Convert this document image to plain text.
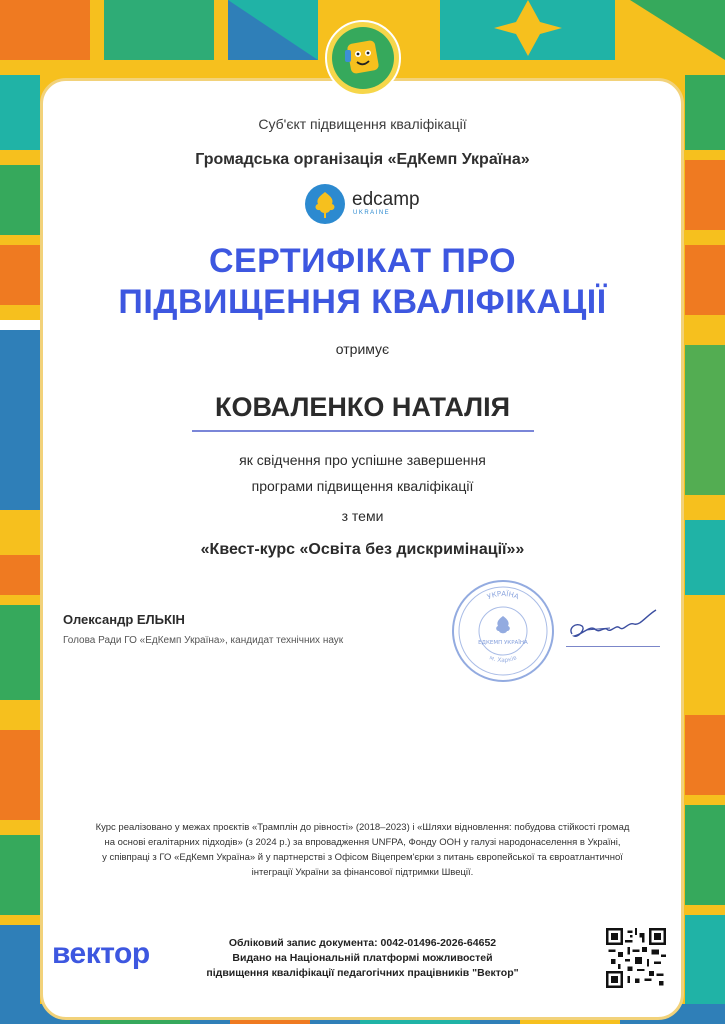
Суб'єкт підвищення кваліфікації
Громадська організація «ЕдКемп Україна»
edcamp
UKRAINE
СЕРТИФІКАТ ПРО
ПІДВИЩЕННЯ КВАЛІФІКАЦІЇ
отримує
КОВАЛЕНКО НАТАЛІЯ
як свідчення про успішне завершення
програми підвищення кваліфікації
з теми
«Квест-курс «Освіта без дискримінації»»
Олександр ЕЛЬКІН
Голова Ради ГО «ЕдКемп Україна», кандидат технічних наук
УКРАЇНА
ЕДКЕМП УКРАЇНА
м. Харків
Курс реалізовано у межах проєктів «Трамплін до рівності» (2018–2023) і «Шляхи відновлення: побудова стійкості громад
на основі егалітарних підходів» (з 2024 р.) за впровадження UNFPA, Фонду ООН у галузі народонаселення в Україні,
у співпраці з ГО «ЕдКемп Україна» й у партнерстві з Офісом Віцепрем'єрки з питань європейської та євроатлантичної
інтеграції України за фінансової підтримки Швеції.
вектор	Обліковий запис документа: 0042-01496-2026-64652
Видано на Національній платформі можливостей
підвищення кваліфікації педагогічних працівників "Вектор"
